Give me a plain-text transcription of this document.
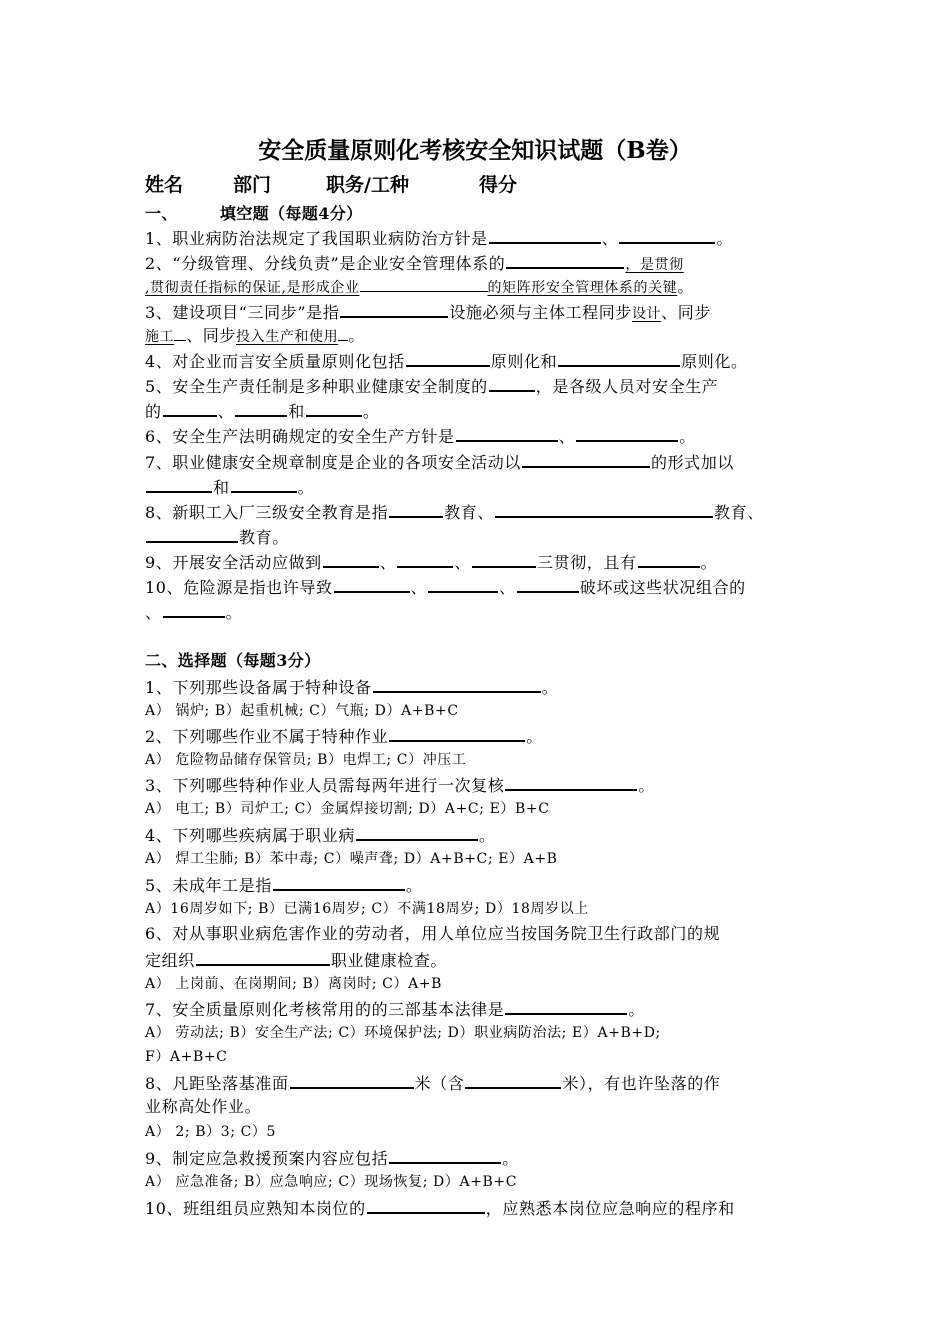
安全质量原则化考核安全知识试题（B卷）
姓名	部门	职务/工种	得分
一、	填空题（每题4分）
1、职业病防治法规定了我国职业病防治方针是	、	。
2、“分级管理、分线负责”是企业安全管理体系的	，是贯彻
,贯彻责任指标的保证,是形成企业	的矩阵形安全管理体系的关键。
3、建设项目“三同步”是指	设施必须与主体工程同步设计、同步
施工 、同步投入生产和使用 。
4、对企业而言安全质量原则化包括	原则化和	原则化。
5、安全生产责任制是多种职业健康安全制度的	，是各级人员对安全生产
的	、	和	。
6、安全生产法明确规定的安全生产方针是	、	。
7、职业健康安全规章制度是企业的各项安全活动以	的形式加以
和	。
8、新职工入厂三级安全教育是指	教育、	教育、
教育。
9、开展安全活动应做到	、	、	三贯彻，且有	。
10、危险源是指也许导致	、	、	破坏或这些状况组合的
、	。
二、选择题（每题3分）
1、下列那些设备属于特种设备	。
A） 锅炉; B）起重机械; C）气瓶; D）A+B+C
2、下列哪些作业不属于特种作业	。
A） 危险物品储存保管员; B）电焊工; C）冲压工
3、下列哪些特种作业人员需每两年进行一次复核	。
A） 电工; B）司炉工; C）金属焊接切割; D）A+C; E）B+C
4、下列哪些疾病属于职业病	。
A） 焊工尘肺; B）苯中毒; C）噪声聋; D）A+B+C; E）A+B
5、未成年工是指	。
A）16周岁如下; B）已满16周岁; C）不满18周岁; D）18周岁以上
6、对从事职业病危害作业的劳动者，用人单位应当按国务院卫生行政部门的规
定组织	职业健康检查。
A） 上岗前、在岗期间; B）离岗时; C）A+B
7、安全质量原则化考核常用的的三部基本法律是	。
A） 劳动法; B）安全生产法; C）环境保护法; D）职业病防治法; E）A+B+D;
F）A+B+C
8、凡距坠落基准面	米（含	米），有也许坠落的作
业称高处作业。
A） 2; B）3; C）5
9、制定应急救援预案内容应包括	。
A） 应急准备; B）应急响应; C）现场恢复; D）A+B+C
10、班组组员应熟知本岗位的	，应熟悉本岗位应急响应的程序和
